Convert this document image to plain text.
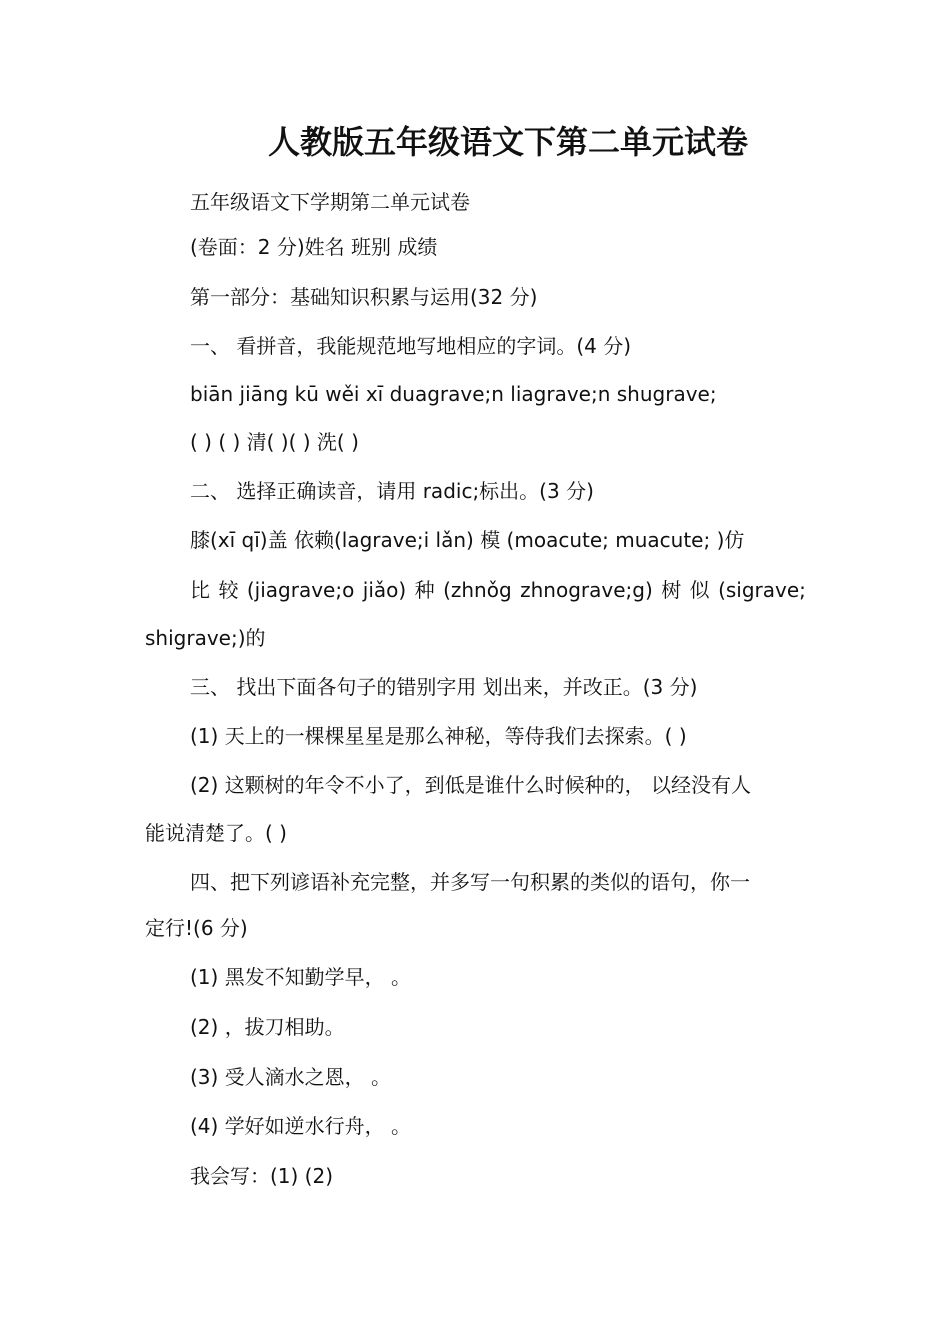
人教版五年级语文下第二单元试卷
五年级语文下学期第二单元试卷
(卷面：2 分)姓名 班别 成绩
第一部分：基础知识积累与运用(32 分)
一、 看拼音，我能规范地写地相应的字词。(4 分)
biān jiāng kū wěi xī duagrave;n liagrave;n shugrave;
( ) ( ) 清( )( ) 洗( )
二、 选择正确读音，请用 radic;标出。(3 分)
膝(xī qī)盖 依赖(lagrave;i lǎn) 模 (moacute; muacute; )仿
比 较 (jiagrave;o jiǎo) 种 (zhnǒg zhnograve;g) 树 似 (sigrave;
shigrave;)的
三、 找出下面各句子的错别字用 划出来，并改正。(3 分)
(1) 天上的一棵棵星星是那么神秘，等侍我们去探索。( )
(2) 这颗树的年令不小了，到低是谁什么时候种的， 以经没有人
能说清楚了。( )
四、把下列谚语补充完整，并多写一句积累的类似的语句，你一
定行!(6 分)
(1) 黑发不知勤学早， 。
(2) ，拔刀相助。
(3) 受人滴水之恩， 。
(4) 学好如逆水行舟， 。
我会写：(1) (2)
